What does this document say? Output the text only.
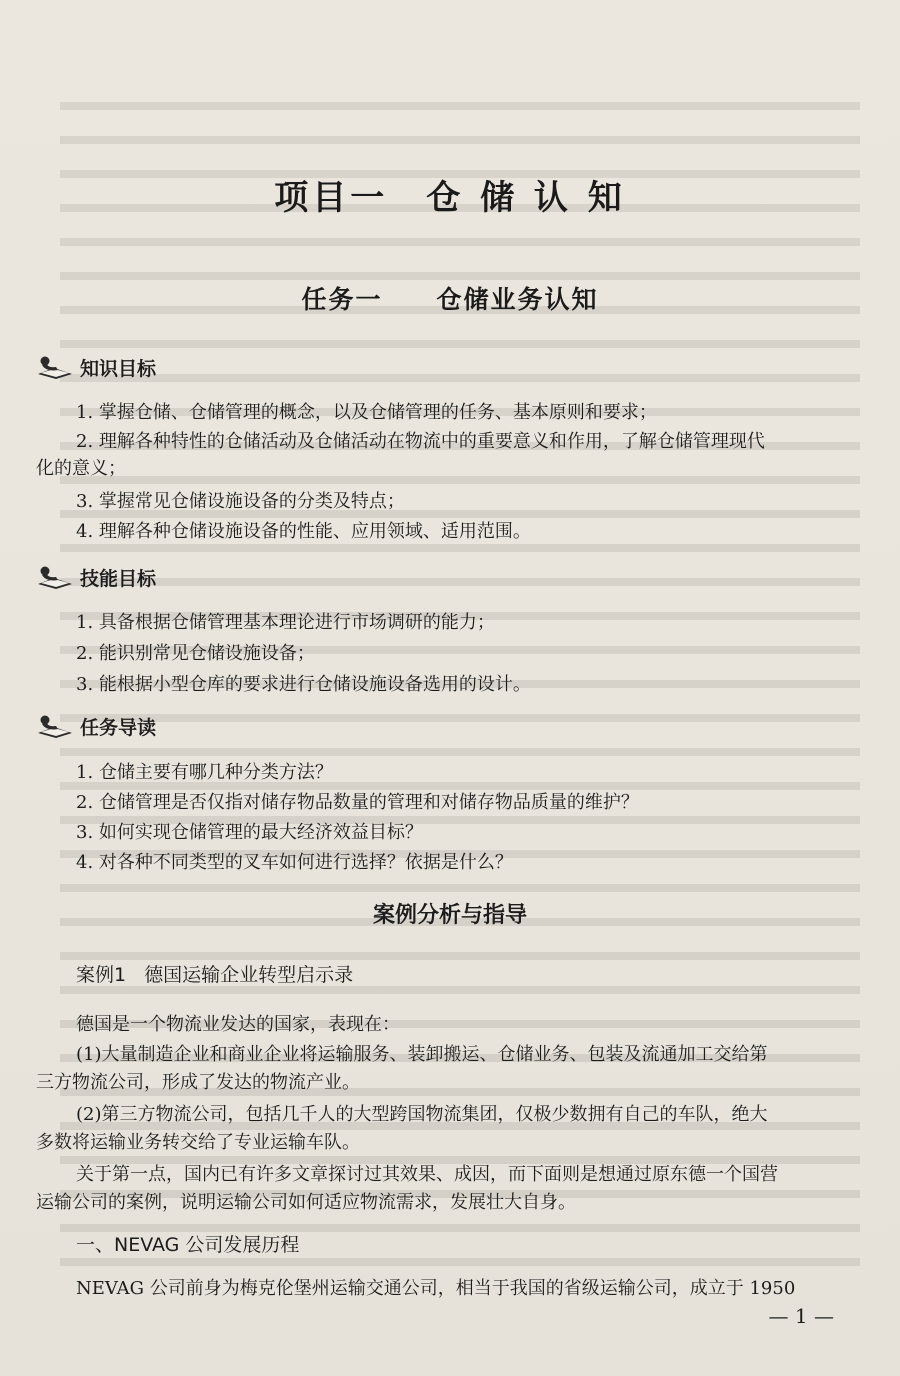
项目一　仓 储 认 知
任务一　　仓储业务认知
知识目标

1. 掌握仓储、仓储管理的概念，以及仓储管理的任务、基本原则和要求；

2. 理解各种特性的仓储活动及仓储活动在物流中的重要意义和作用，了解仓储管理现代

化的意义；

3. 掌握常见仓储设施设备的分类及特点；

4. 理解各种仓储设施设备的性能、应用领域、适用范围。

技能目标

1. 具备根据仓储管理基本理论进行市场调研的能力；

2. 能识别常见仓储设施设备；

3. 能根据小型仓库的要求进行仓储设施设备选用的设计。

任务导读

1. 仓储主要有哪几种分类方法？

2. 仓储管理是否仅指对储存物品数量的管理和对储存物品质量的维护？

3. 如何实现仓储管理的最大经济效益目标？

4. 对各种不同类型的叉车如何进行选择？依据是什么？

案例分析与指导
案例1 德国运输企业转型启示录

德国是一个物流业发达的国家，表现在：

(1)大量制造企业和商业企业将运输服务、装卸搬运、仓储业务、包装及流通加工交给第

三方物流公司，形成了发达的物流产业。

(2)第三方物流公司，包括几千人的大型跨国物流集团，仅极少数拥有自己的车队，绝大

多数将运输业务转交给了专业运输车队。

关于第一点，国内已有许多文章探讨过其效果、成因，而下面则是想通过原东德一个国营

运输公司的案例，说明运输公司如何适应物流需求，发展壮大自身。

一、NEVAG 公司发展历程

NEVAG 公司前身为梅克伦堡州运输交通公司，相当于我国的省级运输公司，成立于 1950

— 1 —
